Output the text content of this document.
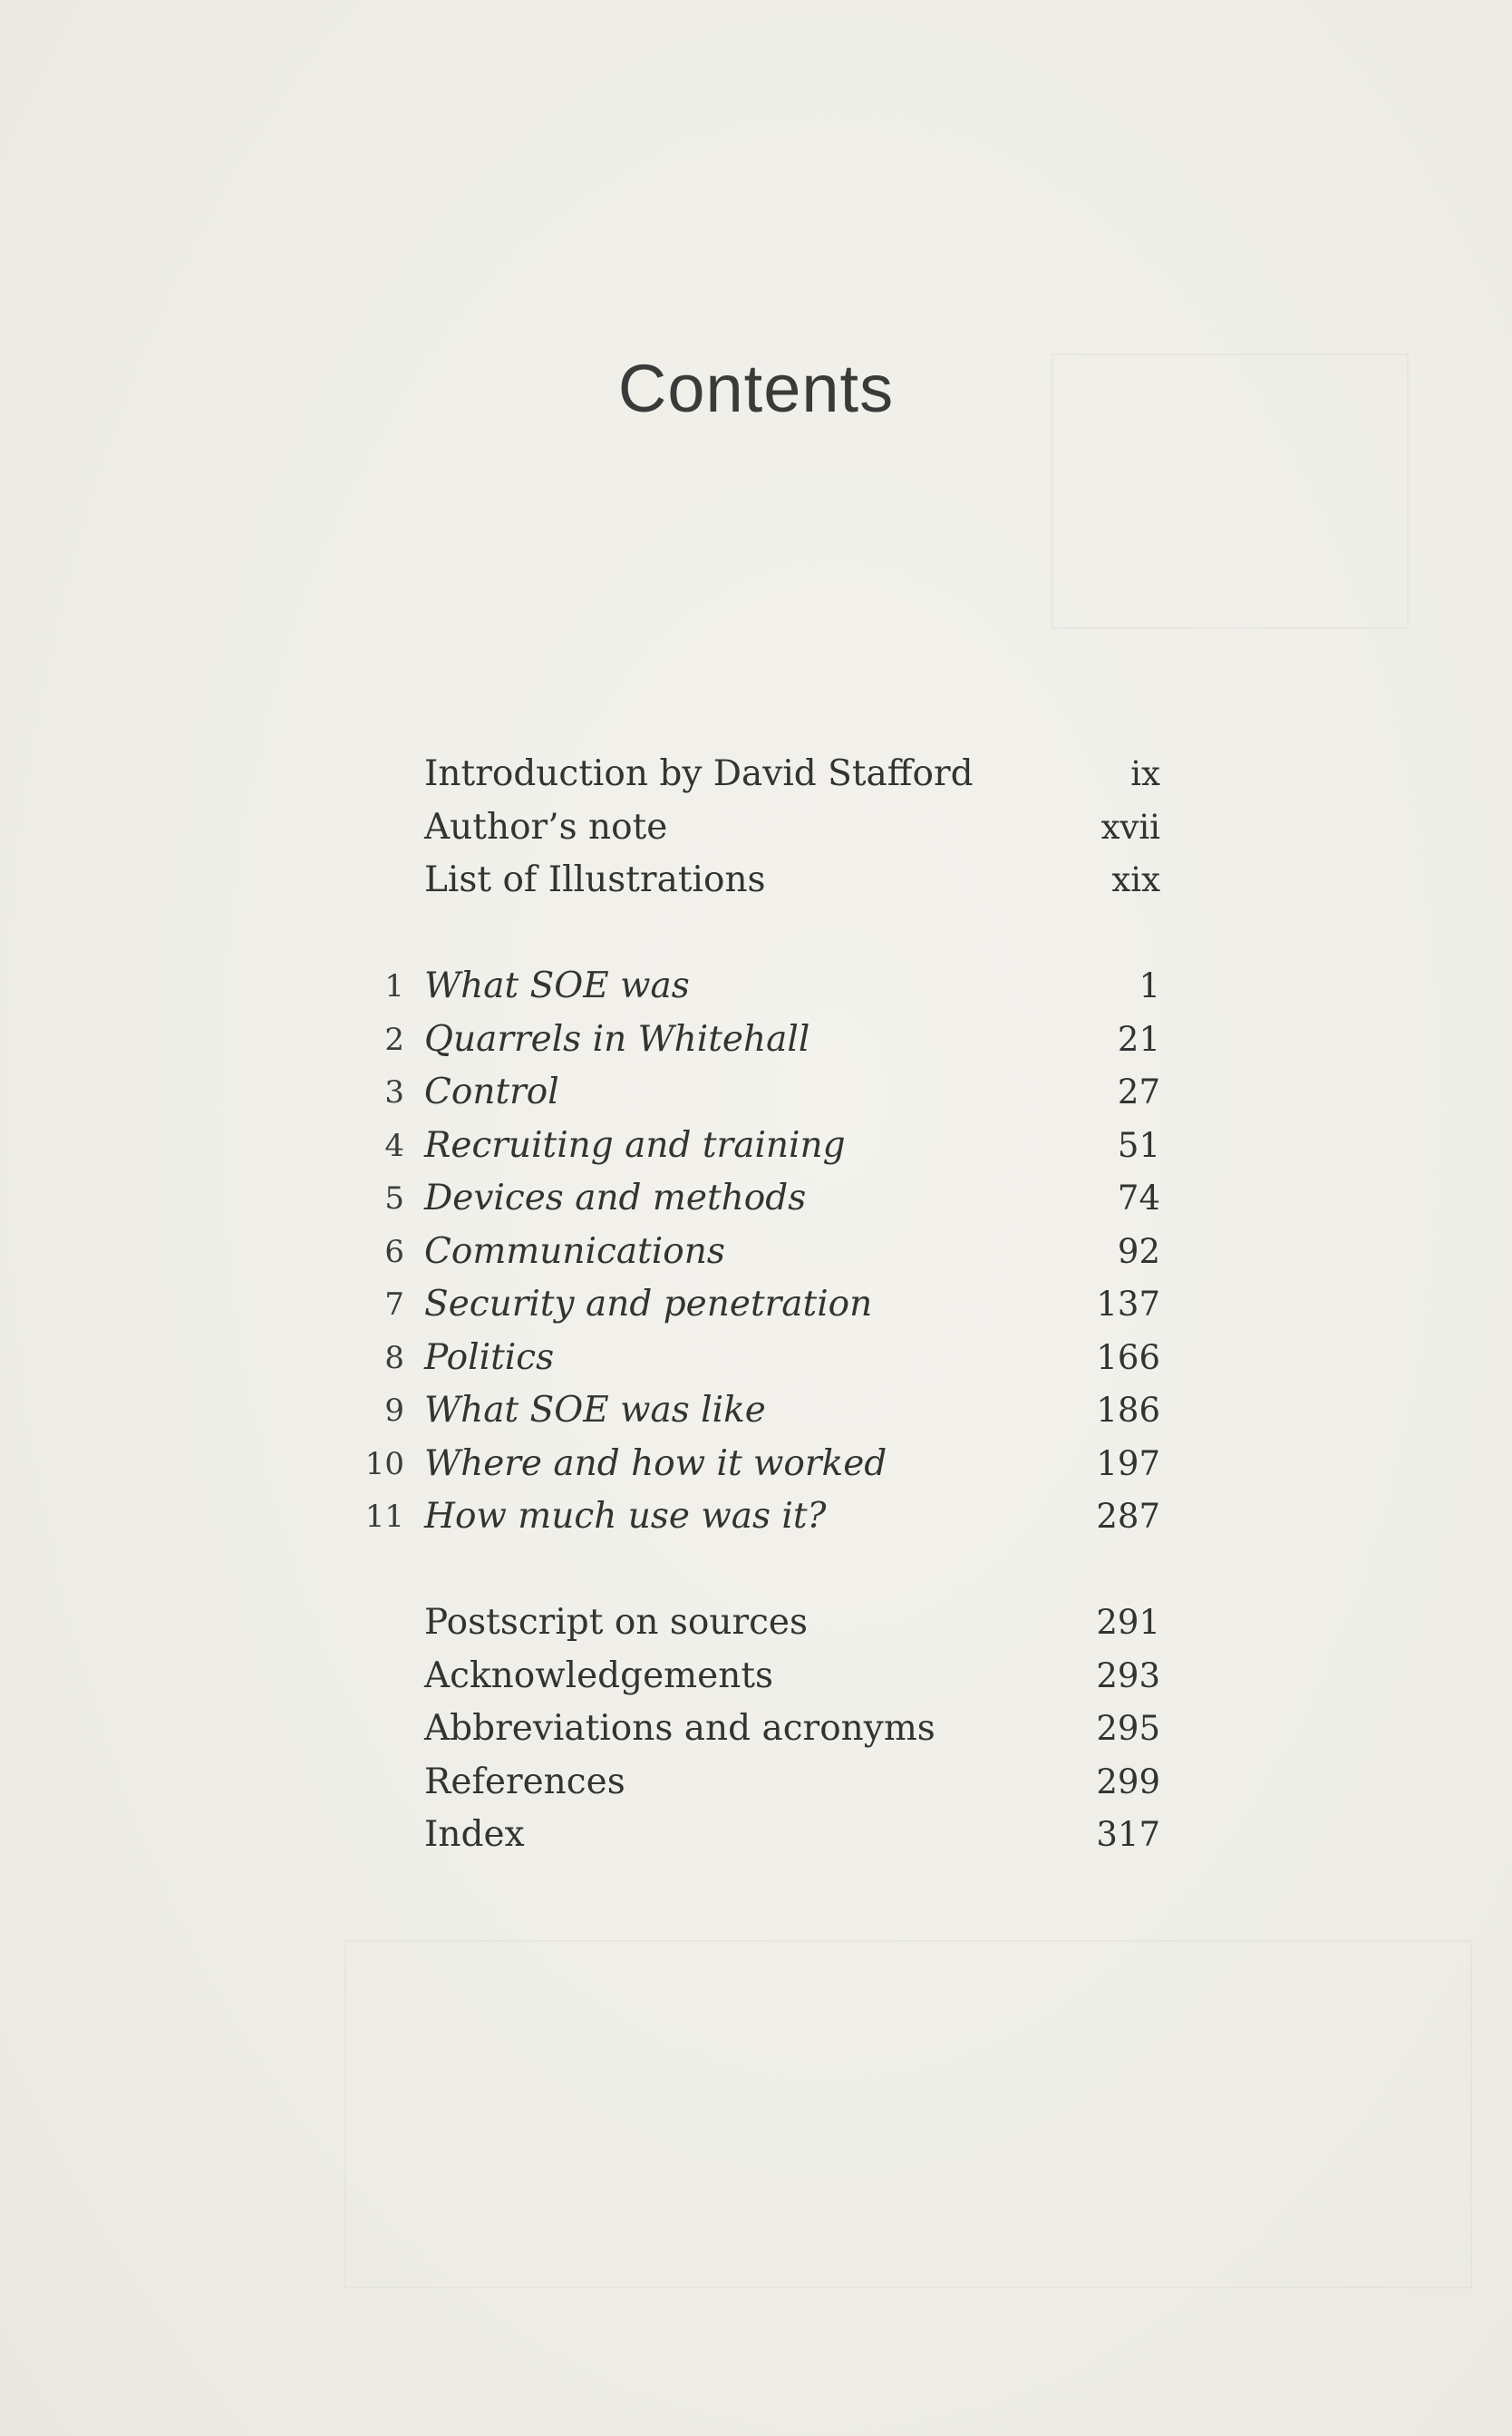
Contents
Introduction by David Stafford	ix
Author’s note	xvii
List of Illustrations	xix
1 What SOE was	1
2 Quarrels in Whitehall	21
3 Control	27
4 Recruiting and training	51
5 Devices and methods	74
6 Communications	92
7 Security and penetration	137
8 Politics	166
9 What SOE was like	186
10 Where and how it worked	197
11 How much use was it?	287
Postscript on sources	291
Acknowledgements	293
Abbreviations and acronyms	295
References	299
Index	317
